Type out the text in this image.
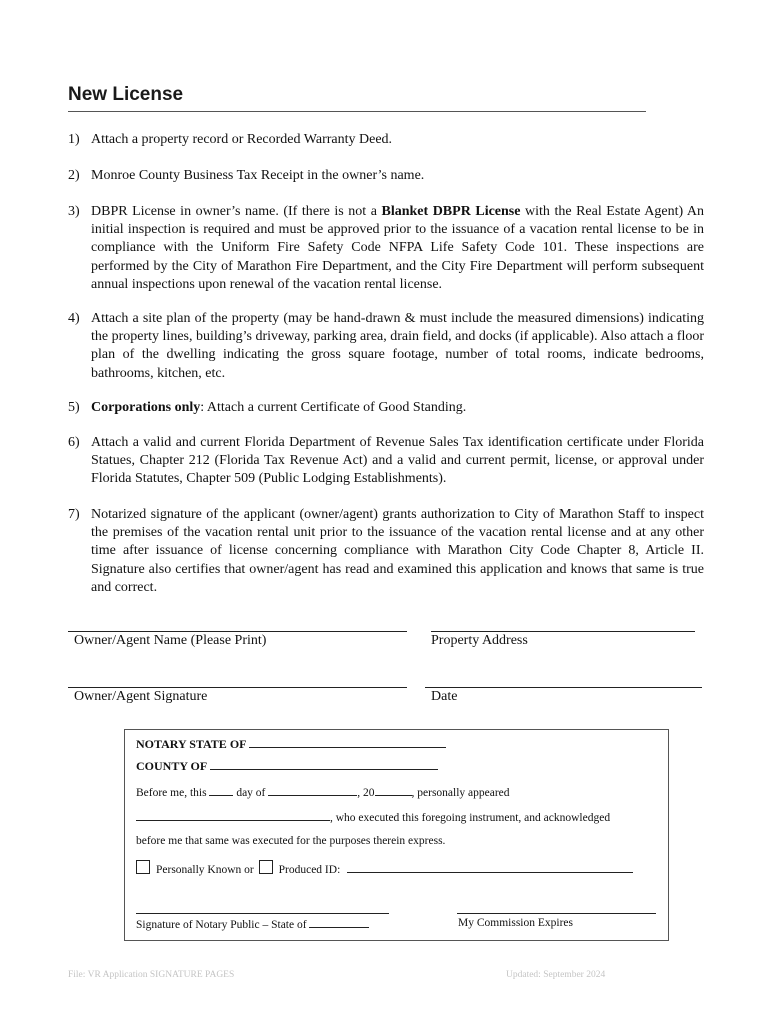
New License
1) Attach a property record or Recorded Warranty Deed.
2) Monroe County Business Tax Receipt in the owner’s name.
3) DBPR License in owner’s name. (If there is not a Blanket DBPR License with the Real Estate Agent) An initial inspection is required and must be approved prior to the issuance of a vacation rental license to be in compliance with the Uniform Fire Safety Code NFPA Life Safety Code 101. These inspections are performed by the City of Marathon Fire Department, and the City Fire Department will perform subsequent annual inspections upon renewal of the vacation rental license.
4) Attach a site plan of the property (may be hand-drawn & must include the measured dimensions) indicating the property lines, building’s driveway, parking area, drain field, and docks (if applicable). Also attach a floor plan of the dwelling indicating the gross square footage, number of total rooms, indicate bedrooms, bathrooms, kitchen, etc.
5) Corporations only: Attach a current Certificate of Good Standing.
6) Attach a valid and current Florida Department of Revenue Sales Tax identification certificate under Florida Statues, Chapter 212 (Florida Tax Revenue Act) and a valid and current permit, license, or approval under Florida Statutes, Chapter 509 (Public Lodging Establishments).
7) Notarized signature of the applicant (owner/agent) grants authorization to City of Marathon Staff to inspect the premises of the vacation rental unit prior to the issuance of the vacation rental license and at any other time after issuance of license concerning compliance with Marathon City Code Chapter 8, Article II. Signature also certifies that owner/agent has read and examined this application and knows that same is true and correct.
Owner/Agent Name (Please Print)	Property Address
Owner/Agent Signature	Date
NOTARY STATE OF
COUNTY OF
Before me, this	day of	, 20	, personally appeared
, who executed this foregoing instrument, and acknowledged
before me that same was executed for the purposes therein express.
Personally Known or Produced ID:
Signature of Notary Public – State of	My Commission Expires
File: VR Application SIGNATURE PAGES	Updated: September 2024
